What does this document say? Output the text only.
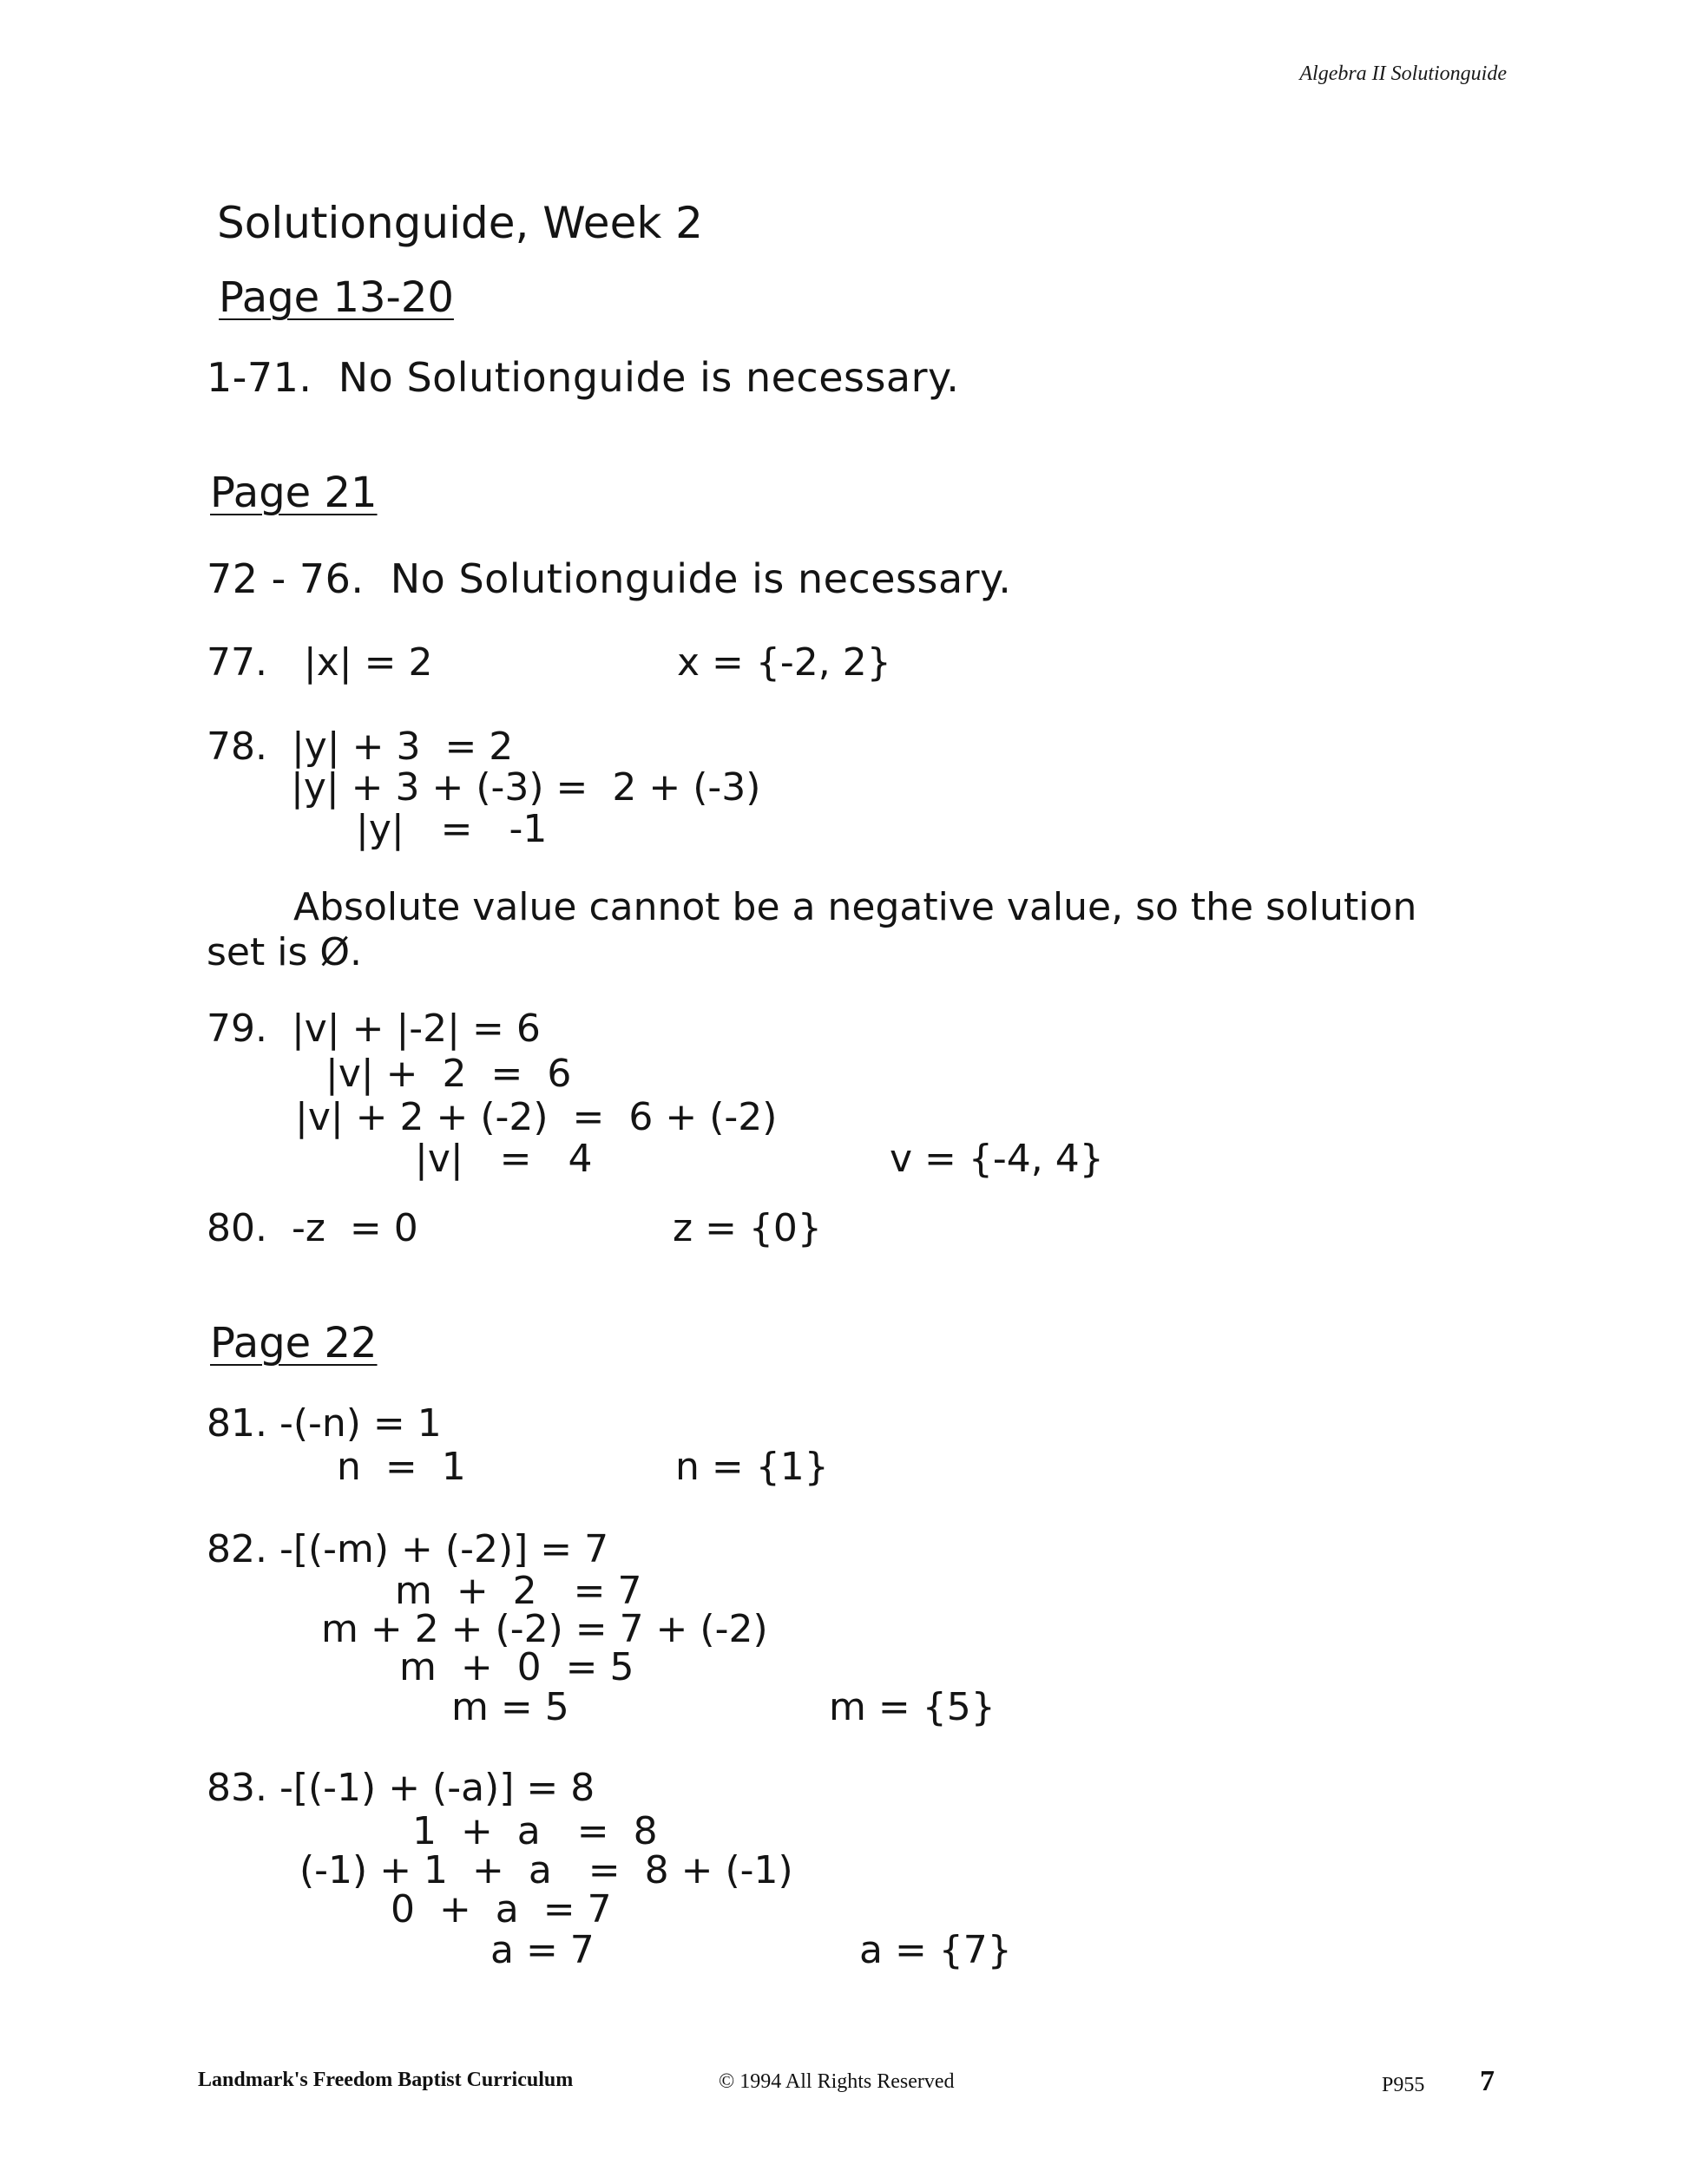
Algebra II Solutionguide
Solutionguide, Week 2
Page 13-20
1-71.  No Solutionguide is necessary.
Page 21
72 - 76.  No Solutionguide is necessary.
77.   |x| = 2	x = {-2, 2}
78.  |y| + 3  = 2
|y| + 3 + (-3) =  2 + (-3)
|y|   =   -1
Absolute value cannot be a negative value, so the solution
set is Ø.
79.  |v| + |-2| = 6
|v| +  2  =  6
|v| + 2 + (-2)  =  6 + (-2)
|v|   =   4	v = {-4, 4}
80.  -z  = 0	z = {0}
Page 22
81. -(-n) = 1
n  =  1	n = {1}
82. -[(-m) + (-2)] = 7
m  +  2   = 7
m + 2 + (-2) = 7 + (-2)
m  +  0  = 5
m = 5	m = {5}
83. -[(-1) + (-a)] = 8
1  +  a   =  8
(-1) + 1  +  a   =  8 + (-1)
0  +  a  = 7
a = 7	a = {7}
Landmark's Freedom Baptist Curriculum	© 1994 All Rights Reserved	P955 7
